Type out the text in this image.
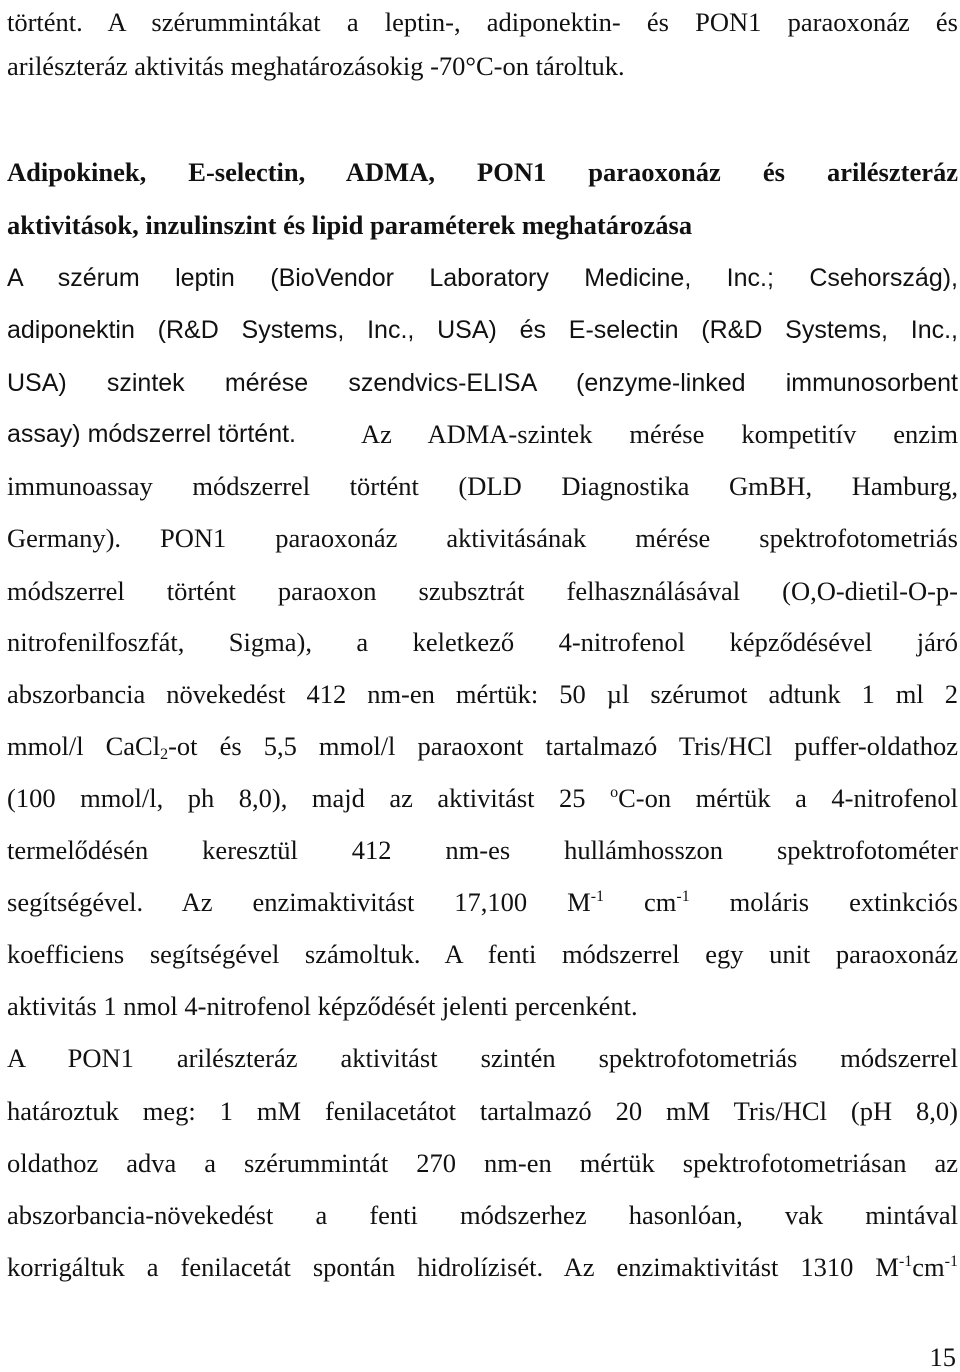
történt. A szérummintákat a leptin-, adiponektin- és PON1 paraoxonáz és
arilészteráz aktivitás meghatározásokig -70°C-on tároltuk.
Adipokinek, E-selectin, ADMA, PON1 paraoxonáz és arilészteráz
aktivitások, inzulinszint és lipid paraméterek meghatározása
A szérum leptin (BioVendor Laboratory Medicine, Inc.; Csehország),
adiponektin (R&D Systems, Inc., USA) és E-selectin (R&D Systems, Inc.,
USA) szintek mérése szendvics-ELISA (enzyme-linked immunosorbent
assay) módszerrel történt. Az ADMA-szintek mérése kompetitív enzim
immunoassay módszerrel történt (DLD Diagnostika GmBH, Hamburg,
Germany). PON1 paraoxonáz aktivitásának mérése spektrofotometriás
módszerrel történt paraoxon szubsztrát felhasználásával (O,O-dietil-O-p-
nitrofenilfoszfát, Sigma), a keletkező 4-nitrofenol képződésével járó
abszorbancia növekedést 412 nm-en mértük: 50 µl szérumot adtunk 1 ml 2
mmol/l CaCl$_2$-ot és 5,5 mmol/l paraoxont tartalmazó Tris/HCl puffer-oldathoz
(100 mmol/l, ph 8,0), majd az aktivitást 25 $^o$C-on mértük a 4-nitrofenol
termelődésén keresztül 412 nm-es hullámhosszon spektrofotométer
segítségével. Az enzimaktivitást 17,100 $M^{-1}$ $cm^{-1}$ moláris extinkciós
koefficiens segítségével számoltuk. A fenti módszerrel egy unit paraoxonáz
aktivitás 1 nmol 4-nitrofenol képződését jelenti percenként.
A PON1 arilészteráz aktivitást szintén spektrofotometriás módszerrel
határoztuk meg: 1 mM fenilacetátot tartalmazó 20 mM Tris/HCl (pH 8,0)
oldathoz adva a szérummintát 270 nm-en mértük spektrofotometriásan az
abszorbancia-növekedést a fenti módszerhez hasonlóan, vak mintával
korrigáltuk a fenilacetát spontán hidrolízisét. Az enzimaktivitást 1310 $M^{-1}cm^{-1}$
15
